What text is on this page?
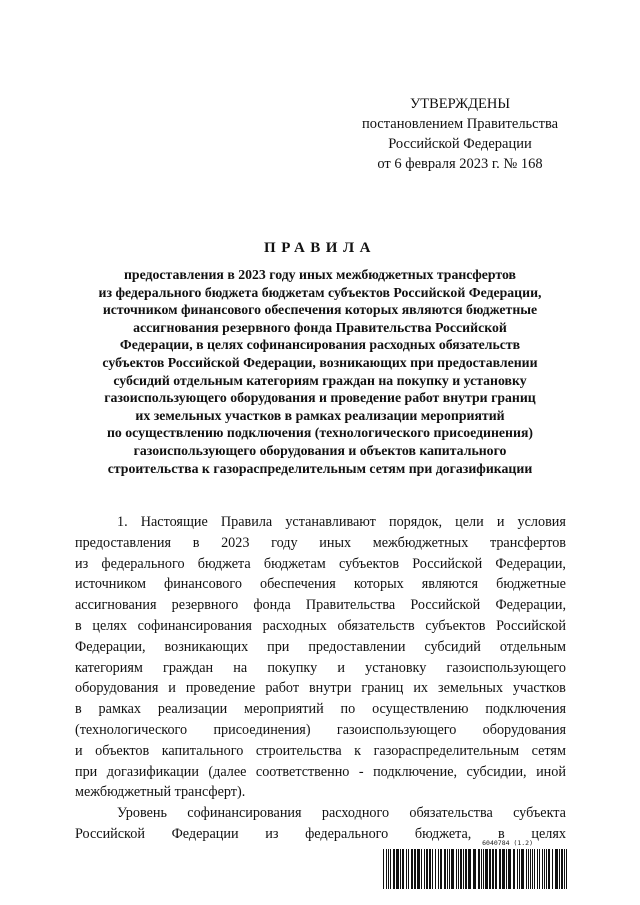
УТВЕРЖДЕНЫ
постановлением Правительства
Российской Федерации
от 6 февраля 2023 г. № 168
ПРАВИЛА
предоставления в 2023 году иных межбюджетных трансфертов
из федерального бюджета бюджетам субъектов Российской Федерации,
источником финансового обеспечения которых являются бюджетные
ассигнования резервного фонда Правительства Российской
Федерации, в целях софинансирования расходных обязательств
субъектов Российской Федерации, возникающих при предоставлении
субсидий отдельным категориям граждан на покупку и установку
газоиспользующего оборудования и проведение работ внутри границ
их земельных участков в рамках реализации мероприятий
по осуществлению подключения (технологического присоединения)
газоиспользующего оборудования и объектов капитального
строительства к газораспределительным сетям при догазификации
1. Настоящие Правила устанавливают порядок, цели и условия
предоставления в 2023 году иных межбюджетных трансфертов
из федерального бюджета бюджетам субъектов Российской Федерации,
источником финансового обеспечения которых являются бюджетные
ассигнования резервного фонда Правительства Российской Федерации,
в целях софинансирования расходных обязательств субъектов Российской
Федерации, возникающих при предоставлении субсидий отдельным
категориям граждан на покупку и установку газоиспользующего
оборудования и проведение работ внутри границ их земельных участков
в рамках реализации мероприятий по осуществлению подключения
(технологического присоединения) газоиспользующего оборудования
и объектов капитального строительства к газораспределительным сетям
при догазификации (далее соответственно - подключение, субсидии, иной
межбюджетный трансферт).
Уровень софинансирования расходного обязательства субъекта
Российской Федерации из федерального бюджета, в целях
6040784 (1.2)
